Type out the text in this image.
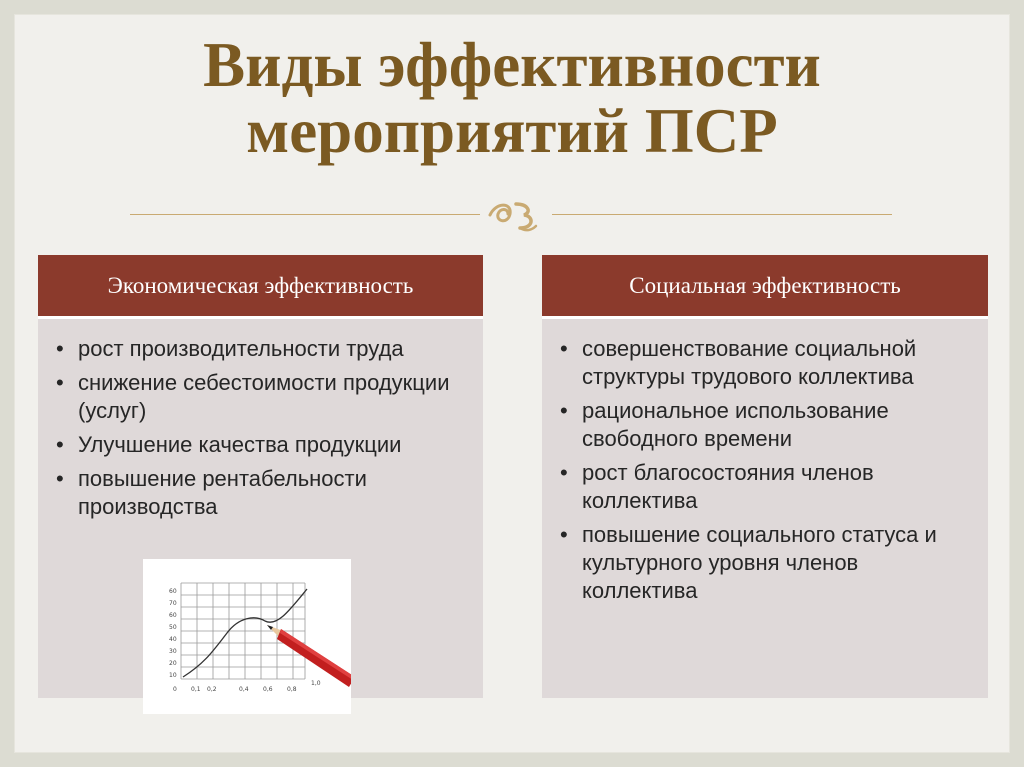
Виды эффективности
мероприятий ПСР
Экономическая эффективность
• рост производительности труда
• снижение себестоимости продукции (услуг)
• Улучшение качества продукции
• повышение рентабельности производства
60
70
60
50
40
30
20
10
0 0,1 0,2	0,4 0,6 0,8
1,0
Социальная эффективность
• совершенствование социальной структуры трудового коллектива
• рациональное использование свободного времени
• рост благосостояния членов коллектива
• повышение социального статуса и культурного уровня членов коллектива
